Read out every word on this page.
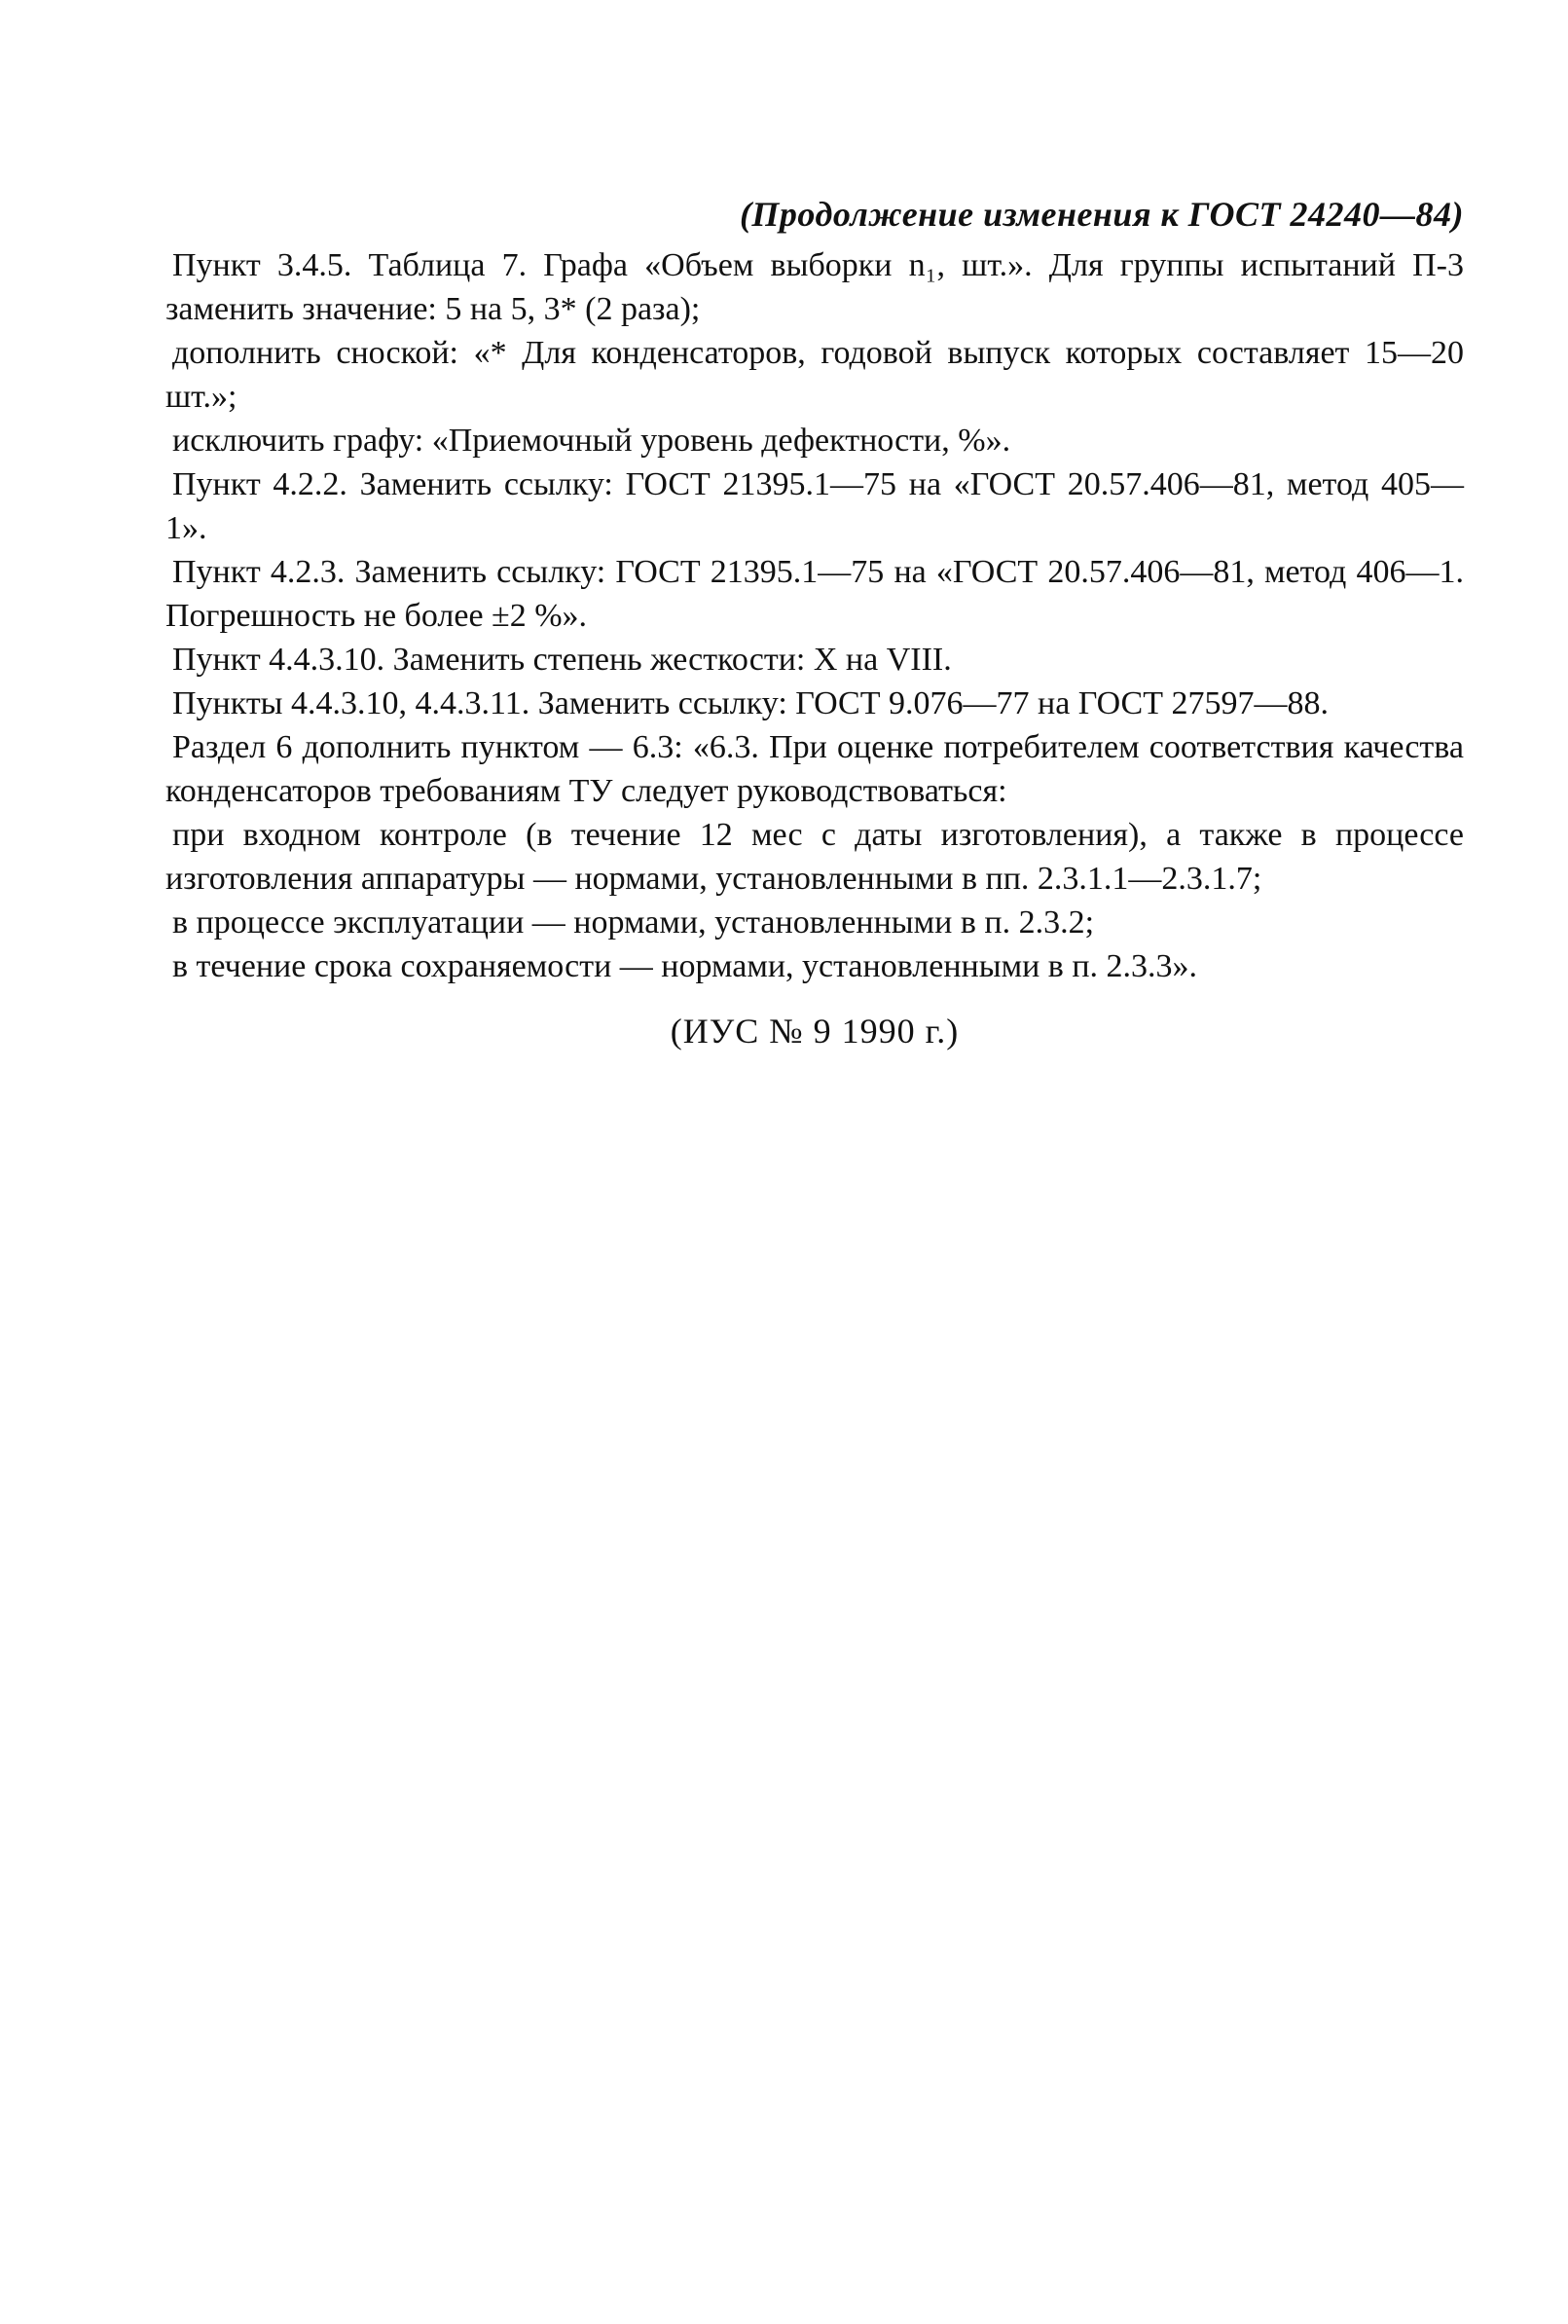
(Продолжение изменения к ГОСТ 24240—84)

Пункт 3.4.5. Таблица 7. Графа «Объем выборки n₁, шт.». Для группы испытаний П-3 заменить значение: 5 на 5, 3* (2 раза);

дополнить сноской: «* Для конденсаторов, годовой выпуск которых составляет 15—20 шт.»;

исключить графу: «Приемочный уровень дефектности, %».

Пункт 4.2.2. Заменить ссылку: ГОСТ 21395.1—75 на «ГОСТ 20.57.406—81, метод 405—1».

Пункт 4.2.3. Заменить ссылку: ГОСТ 21395.1—75 на «ГОСТ 20.57.406—81, метод 406—1. Погрешность не более ±2 %».

Пункт 4.4.3.10. Заменить степень жесткости: X на VIII.

Пункты 4.4.3.10, 4.4.3.11. Заменить ссылку: ГОСТ 9.076—77 на ГОСТ 27597—88.

Раздел 6 дополнить пунктом — 6.3: «6.3. При оценке потребителем соответствия качества конденсаторов требованиям ТУ следует руководствоваться:

при входном контроле (в течение 12 мес с даты изготовления), а также в процессе изготовления аппаратуры — нормами, установленными в пп. 2.3.1.1—2.3.1.7;

в процессе эксплуатации — нормами, установленными в п. 2.3.2;

в течение срока сохраняемости — нормами, установленными в п. 2.3.3».

(ИУС № 9 1990 г.)
